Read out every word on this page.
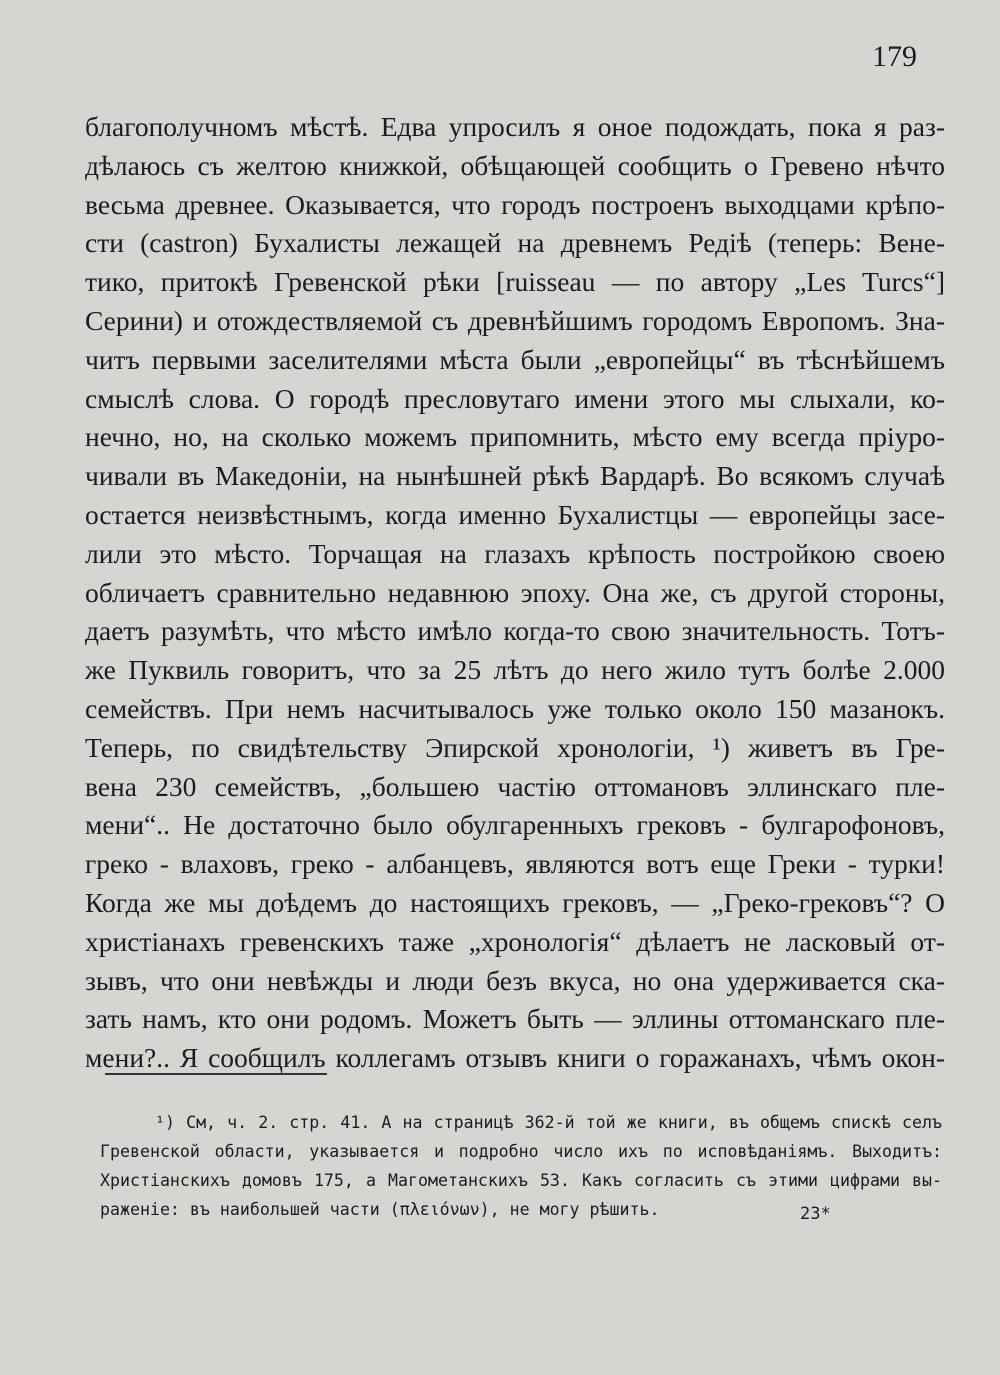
179
благополучномъ мѣстѣ. Едва упросилъ я оное подождать, пока я раз-
дѣлаюсь съ желтою книжкой, обѣщающей сообщить о Гревено нѣчто
весьма древнее. Оказывается, что городъ построенъ выходцами крѣпо-
сти (castron) Бухалисты лежащей на древнемъ Редіѣ (теперь: Вене-
тико, притокѣ Гревенской рѣки [ruisseau — по автору „Les Turcs“]
Серини) и отождествляемой съ древнѣйшимъ городомъ Европомъ. Зна-
читъ первыми заселителями мѣста были „европейцы“ въ тѣснѣйшемъ
смыслѣ слова. О городѣ пресловутаго имени этого мы слыхали, ко-
нечно, но, на сколько можемъ припомнить, мѣсто ему всегда пріуро-
чивали въ Македоніи, на нынѣшней рѣкѣ Вардарѣ. Во всякомъ случаѣ
остается неизвѣстнымъ, когда именно Бухалистцы — европейцы засе-
лили это мѣсто. Торчащая на глазахъ крѣпость постройкою своею
обличаетъ сравнительно недавнюю эпоху. Она же, съ другой стороны,
даетъ разумѣть, что мѣсто имѣло когда-то свою значительность. Тотъ-
же Пуквиль говоритъ, что за 25 лѣтъ до него жило тутъ болѣе 2.000
семействъ. При немъ насчитывалось уже только около 150 мазанокъ.
Теперь, по свидѣтельству Эпирской хронологіи, ¹) живетъ въ Гре-
вена 230 семействъ, „большею частію оттомановъ эллинскаго пле-
мени“.. Не достаточно было обулгаренныхъ грековъ - булгарофоновъ,
греко - влаховъ, греко - албанцевъ, являются вотъ еще Греки - турки!
Когда же мы доѣдемъ до настоящихъ грековъ, — „Греко-грековъ“? О
христіанахъ гревенскихъ таже „хронологія“ дѣлаетъ не ласковый от-
зывъ, что они невѣжды и люди безъ вкуса, но она удерживается ска-
зать намъ, кто они родомъ. Можетъ быть — эллины оттоманскаго пле-
мени?.. Я сообщилъ коллегамъ отзывъ книги о горажанахъ, чѣмъ окон-
¹) См, ч. 2. стр. 41. А на страницѣ 362-й той же книги, въ общемъ спискѣ селъ
Гревенской области, указывается и подробно число ихъ по исповѣданіямъ. Выходитъ:
Христіанскихъ домовъ 175, а Магометанскихъ 53. Какъ согласить съ этими цифрами вы-
раженіе: въ наибольшей части (πλειόνων), не могу рѣшить.	23*
